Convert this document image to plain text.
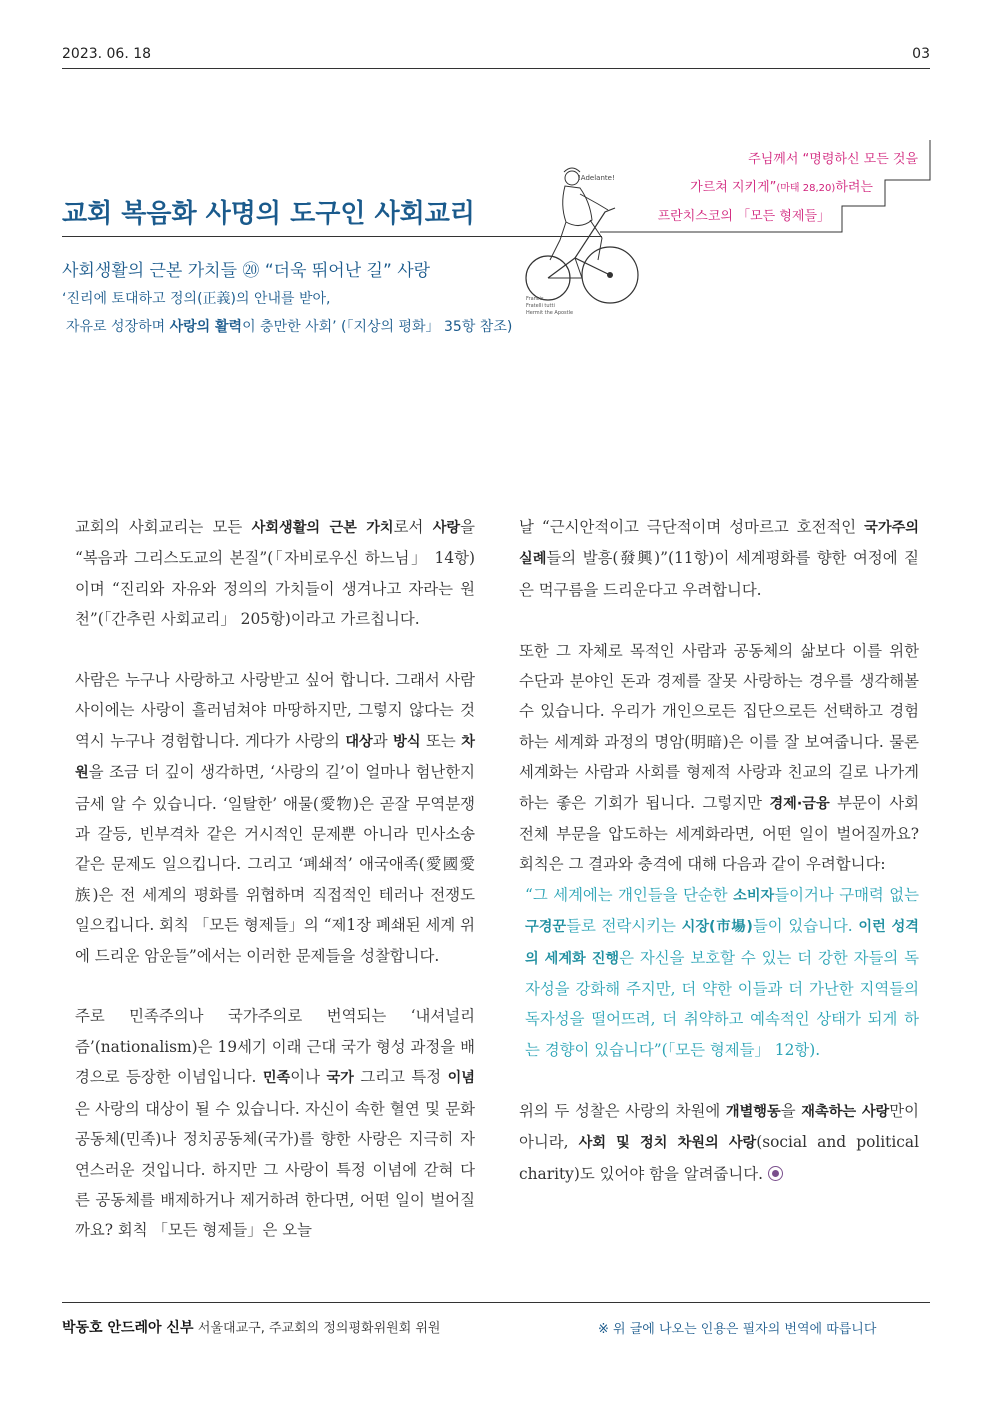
2023. 06. 18	03
주님께서 “명령하신 모든 것을
가르쳐 지키게”(마태 28,20)하려는
프란치스코의 「모든 형제들」
교회 복음화 사명의 도구인 사회교리
!Adelante!
Francis
Fratelli tutti
Hermit the Apostle
사회생활의 근본 가치들 ⑳ “더욱 뛰어난 길” 사랑
‘진리에 토대하고 정의(正義)의 안내를 받아,
자유로 성장하며 사랑의 활력이 충만한 사회’ (「지상의 평화」 35항 참조)

교회의 사회교리는 모든 사회생활의 근본 가치로서 사랑을 “복음과 그리스도교의 본질”(「자비로우신 하느님」 14항)이며 “진리와 자유와 정의의 가치들이 생겨나고 자라는 원천”(「간추린 사회교리」 205항)이라고 가르칩니다.

사람은 누구나 사랑하고 사랑받고 싶어 합니다. 그래서 사람 사이에는 사랑이 흘러넘쳐야 마땅하지만, 그렇지 않다는 것 역시 누구나 경험합니다. 게다가 사랑의 대상과 방식 또는 차원을 조금 더 깊이 생각하면, ‘사랑의 길’이 얼마나 험난한지 금세 알 수 있습니다. ‘일탈한’ 애물(愛物)은 곧잘 무역분쟁과 갈등, 빈부격차 같은 거시적인 문제뿐 아니라 민사소송 같은 문제도 일으킵니다. 그리고 ‘폐쇄적’ 애국애족(愛國愛族)은 전 세계의 평화를 위협하며 직접적인 테러나 전쟁도 일으킵니다. 회칙 「모든 형제들」의 “제1장 폐쇄된 세계 위에 드리운 암운들”에서는 이러한 문제들을 성찰합니다.

주로 민족주의나 국가주의로 번역되는 ‘내셔널리즘’(nationalism)은 19세기 이래 근대 국가 형성 과정을 배경으로 등장한 이념입니다. 민족이나 국가 그리고 특정 이념은 사랑의 대상이 될 수 있습니다. 자신이 속한 혈연 및 문화 공동체(민족)나 정치공동체(국가)를 향한 사랑은 지극히 자연스러운 것입니다. 하지만 그 사랑이 특정 이념에 갇혀 다른 공동체를 배제하거나 제거하려 한다면, 어떤 일이 벌어질까요? 회칙 「모든 형제들」은 오늘

날 “근시안적이고 극단적이며 성마르고 호전적인 국가주의 실례들의 발흥(發興)”(11항)이 세계평화를 향한 여정에 짙은 먹구름을 드리운다고 우려합니다.

또한 그 자체로 목적인 사람과 공동체의 삶보다 이를 위한 수단과 분야인 돈과 경제를 잘못 사랑하는 경우를 생각해볼 수 있습니다. 우리가 개인으로든 집단으로든 선택하고 경험하는 세계화 과정의 명암(明暗)은 이를 잘 보여줍니다. 물론 세계화는 사람과 사회를 형제적 사랑과 친교의 길로 나가게 하는 좋은 기회가 됩니다. 그렇지만 경제·금융 부문이 사회 전체 부문을 압도하는 세계화라면, 어떤 일이 벌어질까요? 회칙은 그 결과와 충격에 대해 다음과 같이 우려합니다:

“그 세계에는 개인들을 단순한 소비자들이거나 구매력 없는 구경꾼들로 전락시키는 시장(市場)들이 있습니다. 이런 성격의 세계화 진행은 자신을 보호할 수 있는 더 강한 자들의 독자성을 강화해 주지만, 더 약한 이들과 더 가난한 지역들의 독자성을 떨어뜨려, 더 취약하고 예속적인 상태가 되게 하는 경향이 있습니다”(「모든 형제들」 12항).

위의 두 성찰은 사랑의 차원에 개별행동을 재촉하는 사랑만이 아니라, 사회 및 정치 차원의 사랑(social and political charity)도 있어야 함을 알려줍니다.

박동호 안드레아 신부 서울대교구, 주교회의 정의평화위원회 위원	※ 위 글에 나오는 인용은 필자의 번역에 따릅니다
